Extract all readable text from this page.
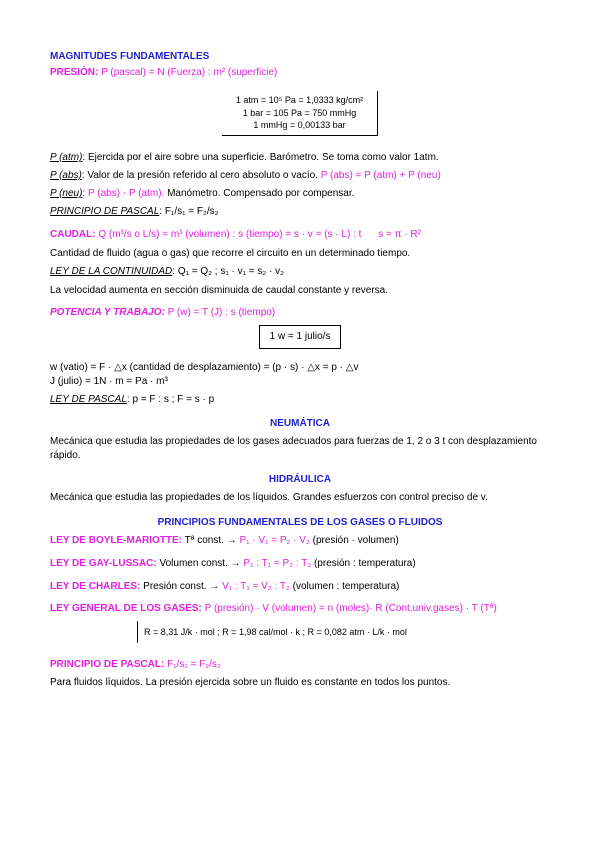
MAGNITUDES FUNDAMENTALES
PRESIÓN: P (pascal) = N (Fuerza) : m² (superficie)
1 atm = 10⁵ Pa = 1,0333 kg/cm²
1 bar = 105 Pa = 750 mmHg
1 mmHg = 0,00133 bar
P (atm): Ejercida por el aire sobre una superficie. Barómetro. Se toma como valor 1atm.
P (abs): Valor de la presión referido al cero absoluto o vacío. P (abs) = P (atm) + P (neu)
P (neu): P (abs) - P (atm). Manómetro. Compensado por compensar.
PRINCIPIO DE PASCAL: F₁/s₁ = F₂/s₂
CAUDAL: Q (m³/s o L/s) = m³ (volumen) : s (tiempo) = s · v = (s · L) : t s = π · R²
Cantidad de fluido (agua o gas) que recorre el circuito en un determinado tiempo.
LEY DE LA CONTINUIDAD: Q₁ = Q₂ ; s₁ · v₁ = s₂ · v₂
La velocidad aumenta en sección disminuida de caudal constante y reversa.
POTENCIA Y TRABAJO: P (w) = T (J) : s (tiempo)
1 w = 1 julio/s
w (vatio) = F · △x (cantidad de desplazamiento) = (p · s) · △x = p · △v
J (julio) = 1N · m = Pa · m³
LEY DE PASCAL: p = F : s ; F = s · p
NEUMÁTICA
Mecánica que estudia las propiedades de los gases adecuados para fuerzas de 1, 2 o 3 t con desplazamiento rápido.
HIDRÁULICA
Mecánica que estudia las propiedades de los líquidos. Grandes esfuerzos con control preciso de v.
PRINCIPIOS FUNDAMENTALES DE LOS GASES O FLUIDOS
LEY DE BOYLE-MARIOTTE: Tª const. → P₁ · V₁ = P₂ · V₂ (presión · volumen)
LEY DE GAY-LUSSAC: Volumen const. → P₁ : T₁ = P₂ : T₂ (presión : temperatura)
LEY DE CHARLES: Presión const. → V₁ : T₁ = V₂ : T₂ (volumen : temperatura)
LEY GENERAL DE LOS GASES: P (presión) · V (volumen) = n (moles)· R (Cont.univ.gases) · T (Tª)
R = 8,31 J/k · mol ; R = 1,98 cal/mol · k ; R = 0,082 atm · L/k · mol
PRINCIPIO DE PASCAL: F₁/s₁ = F₂/s₂
Para fluidos líquidos. La presión ejercida sobre un fluido es constante en todos los puntos.
